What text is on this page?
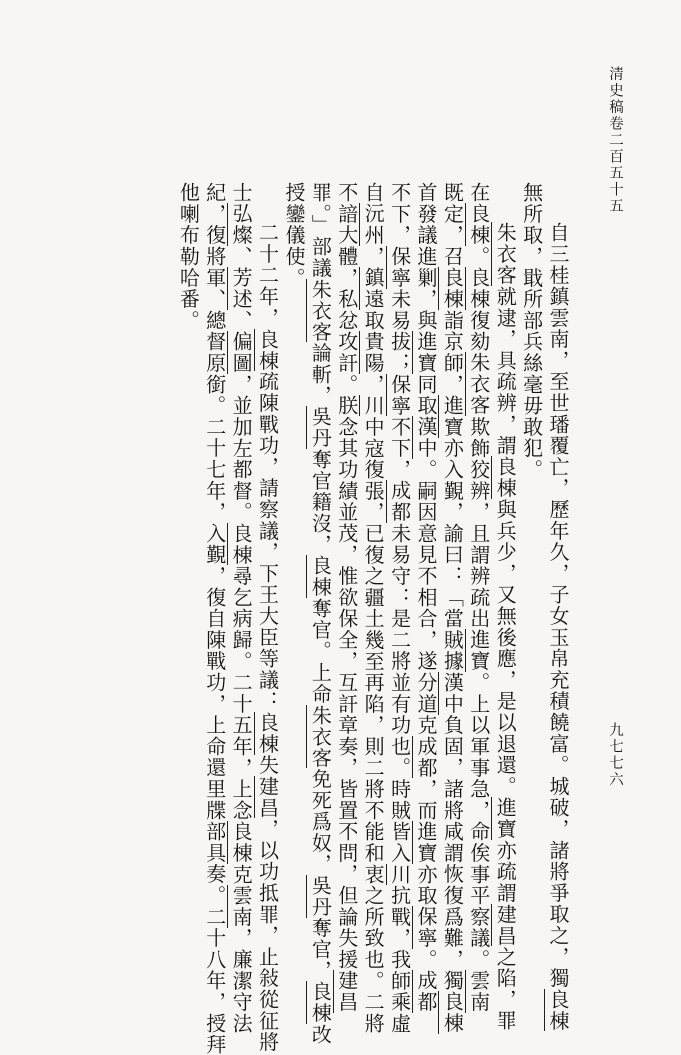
清史稿卷二百五十五
九七七六
自三桂鎮雲南，至世璠覆亡，歷年久，子女玉帛充積饒富。城破，諸將爭取之，獨良棟
無所取，戢所部兵絲毫毋敢犯。
朱衣客就逮，具疏辨，謂良棟與兵少，又無後應，是以退還。進寶亦疏謂建昌之陷，罪
在良棟。良棟復劾朱衣客欺飾狡辨，且謂辨疏出進寶。上以軍事急，命俟事平察議。雲南
既定，召良棟詣京師，進寶亦入覲，諭曰：「當賊據漢中負固，諸將咸謂恢復爲難，獨良棟
首發議進剿，與進寶同取漢中。嗣因意見不相合，遂分道克成都，而進寶亦取保寧。成都
不下，保寧未易拔；保寧不下，成都未易守：是二將並有功也。時賊皆入川抗戰，我師乘虛
自沅州，鎮遠取貴陽，川中寇復張，已復之疆土幾至再陷，則二將不能和衷之所致也。二將
不諳大體，私忿攻訐。朕念其功績並茂，惟欲保全，互訐章奏，皆置不問，但論失援建昌
罪。」部議朱衣客論斬，吳丹奪官籍沒，良棟奪官。上命朱衣客免死爲奴，吳丹奪官，良棟改
授鑾儀使。
二十二年，良棟疏陳戰功，請察議，下王大臣等議：良棟失建昌，以功抵罪，止敍從征將
士弘燦、芳述、偏圖，並加左都督。良棟尋乞病歸。二十五年，上念良棟克雲南，廉潔守法
紀，復將軍、總督原銜。二十七年，入覲，復自陳戰功，上命還里牒部具奏。二十八年，授拜
他喇布勒哈番。
